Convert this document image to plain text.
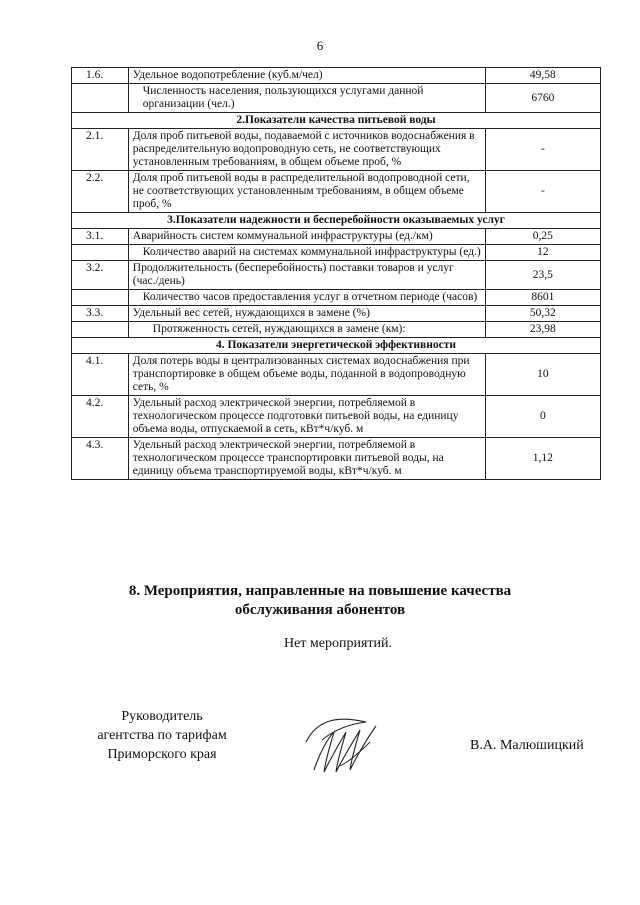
6
1.6.	Удельное водопотребление (куб.м/чел)	49,58
	Численность населения, пользующихся услугами данной организации (чел.)	6760
2.Показатели качества питьевой воды		
2.1.	Доля проб питьевой воды, подаваемой с источников водоснабжения в распределительную водопроводную сеть, не соответствующих установленным требованиям, в общем объеме проб, %	-
2.2.	Доля проб питьевой воды в распределительной водопроводной сети, не соответствующих установленным требованиям, в общем объеме проб, %	-
3.Показатели надежности и бесперебойности оказываемых услуг		
3.1.	Аварийность систем коммунальной инфраструктуры (ед./км)	0,25
	Количество аварий на системах коммунальной инфраструктуры (ед.)	12
3.2.	Продолжительность (бесперебойность) поставки товаров и услуг (час./день)	23,5
	Количество часов предоставления услуг в отчетном периоде (часов)	8601
3.3.	Удельный вес сетей, нуждающихся в замене (%)	50,32
	Протяженность сетей, нуждающихся в замене (км):	23,98
4. Показатели энергетической эффективности		
4.1.	Доля потерь воды в централизованных системах водоснабжения при транспортировке в общем объеме воды, поданной в водопроводную сеть, %	10
4.2.	Удельный расход электрической энергии, потребляемой в технологическом процессе подготовки питьевой воды, на единицу объема воды, отпускаемой в сеть, кВт*ч/куб. м	0
4.3.	Удельный расход электрической энергии, потребляемой в технологическом процессе транспортировки питьевой воды, на единицу объема транспортируемой воды, кВт*ч/куб. м	1,12
8. Мероприятия, направленные на повышение качества
обслуживания абонентов
Нет мероприятий.
Руководитель
агентства по тарифам
Приморского края
В.А. Малюшицкий
